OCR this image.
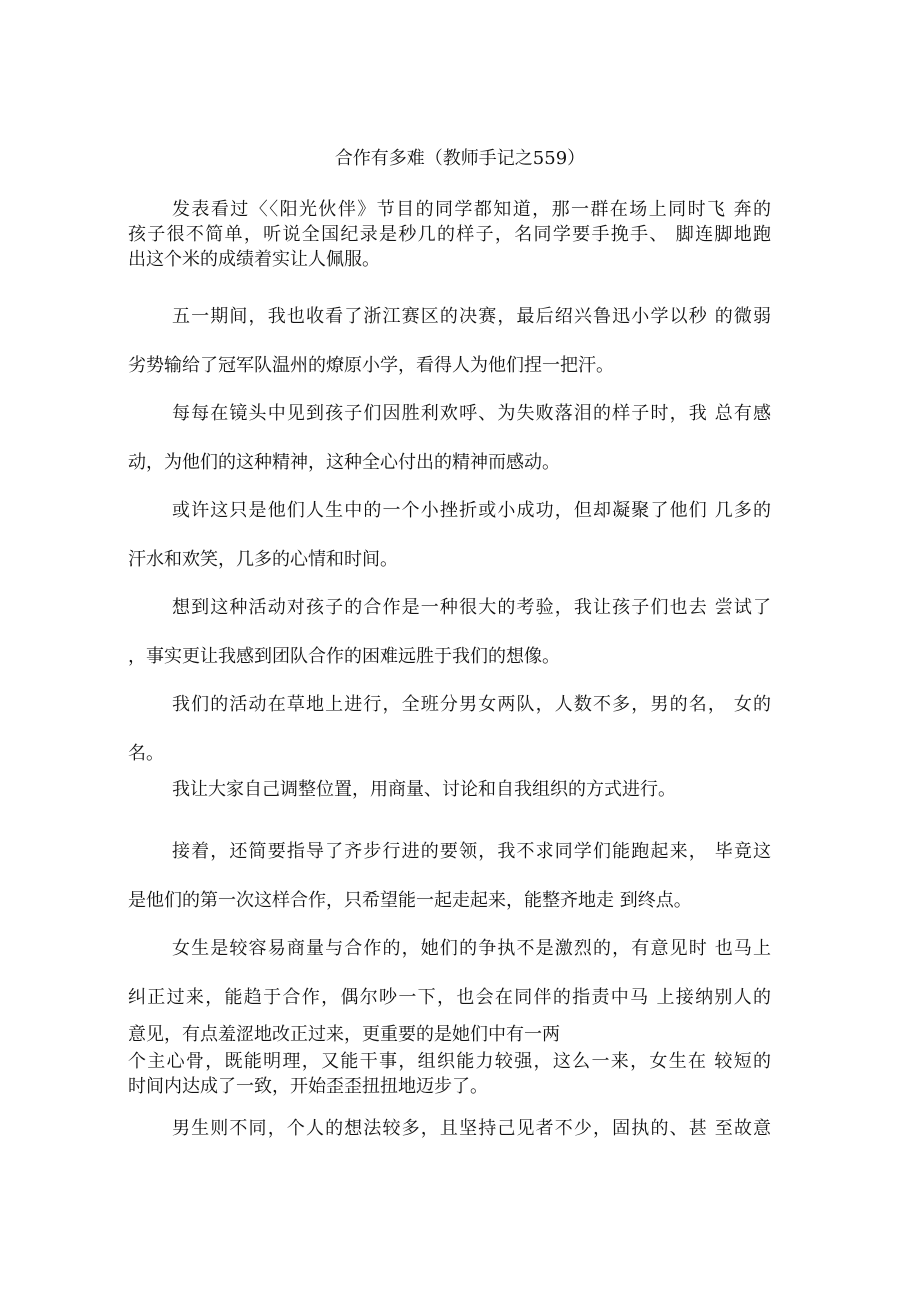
合作有多难（教师手记之559）
发表看过〈〈阳光伙伴》节目的同学都知道，那一群在场上同时飞 奔的
孩子很不简单，听说全国纪录是秒几的样子，名同学要手挽手、 脚连脚地跑
出这个米的成绩着实让人佩服。
五一期间，我也收看了浙江赛区的决赛，最后绍兴鲁迅小学以秒 的微弱
劣势输给了冠军队温州的燎原小学，看得人为他们捏一把汗。
每每在镜头中见到孩子们因胜利欢呼、为失败落泪的样子时，我 总有感
动，为他们的这种精神，这种全心付出的精神而感动。
或许这只是他们人生中的一个小挫折或小成功，但却凝聚了他们 几多的
汗水和欢笑，几多的心情和时间。
想到这种活动对孩子的合作是一种很大的考验，我让孩子们也去 尝试了
，事实更让我感到团队合作的困难远胜于我们的想像。
我们的活动在草地上进行，全班分男女两队，人数不多，男的名， 女的
名。
我让大家自己调整位置，用商量、讨论和自我组织的方式进行。
接着，还简要指导了齐步行进的要领，我不求同学们能跑起来， 毕竟这
是他们的第一次这样合作，只希望能一起走起来，能整齐地走 到终点。
女生是较容易商量与合作的，她们的争执不是激烈的，有意见时 也马上
纠正过来，能趋于合作，偶尔吵一下，也会在同伴的指责中马 上接纳别人的
意见，有点羞涩地改正过来，更重要的是她们中有一两
个主心骨，既能明理，又能干事，组织能力较强，这么一来，女生在 较短的
时间内达成了一致，开始歪歪扭扭地迈步了。
男生则不同，个人的想法较多，且坚持己见者不少，固执的、甚 至故意
